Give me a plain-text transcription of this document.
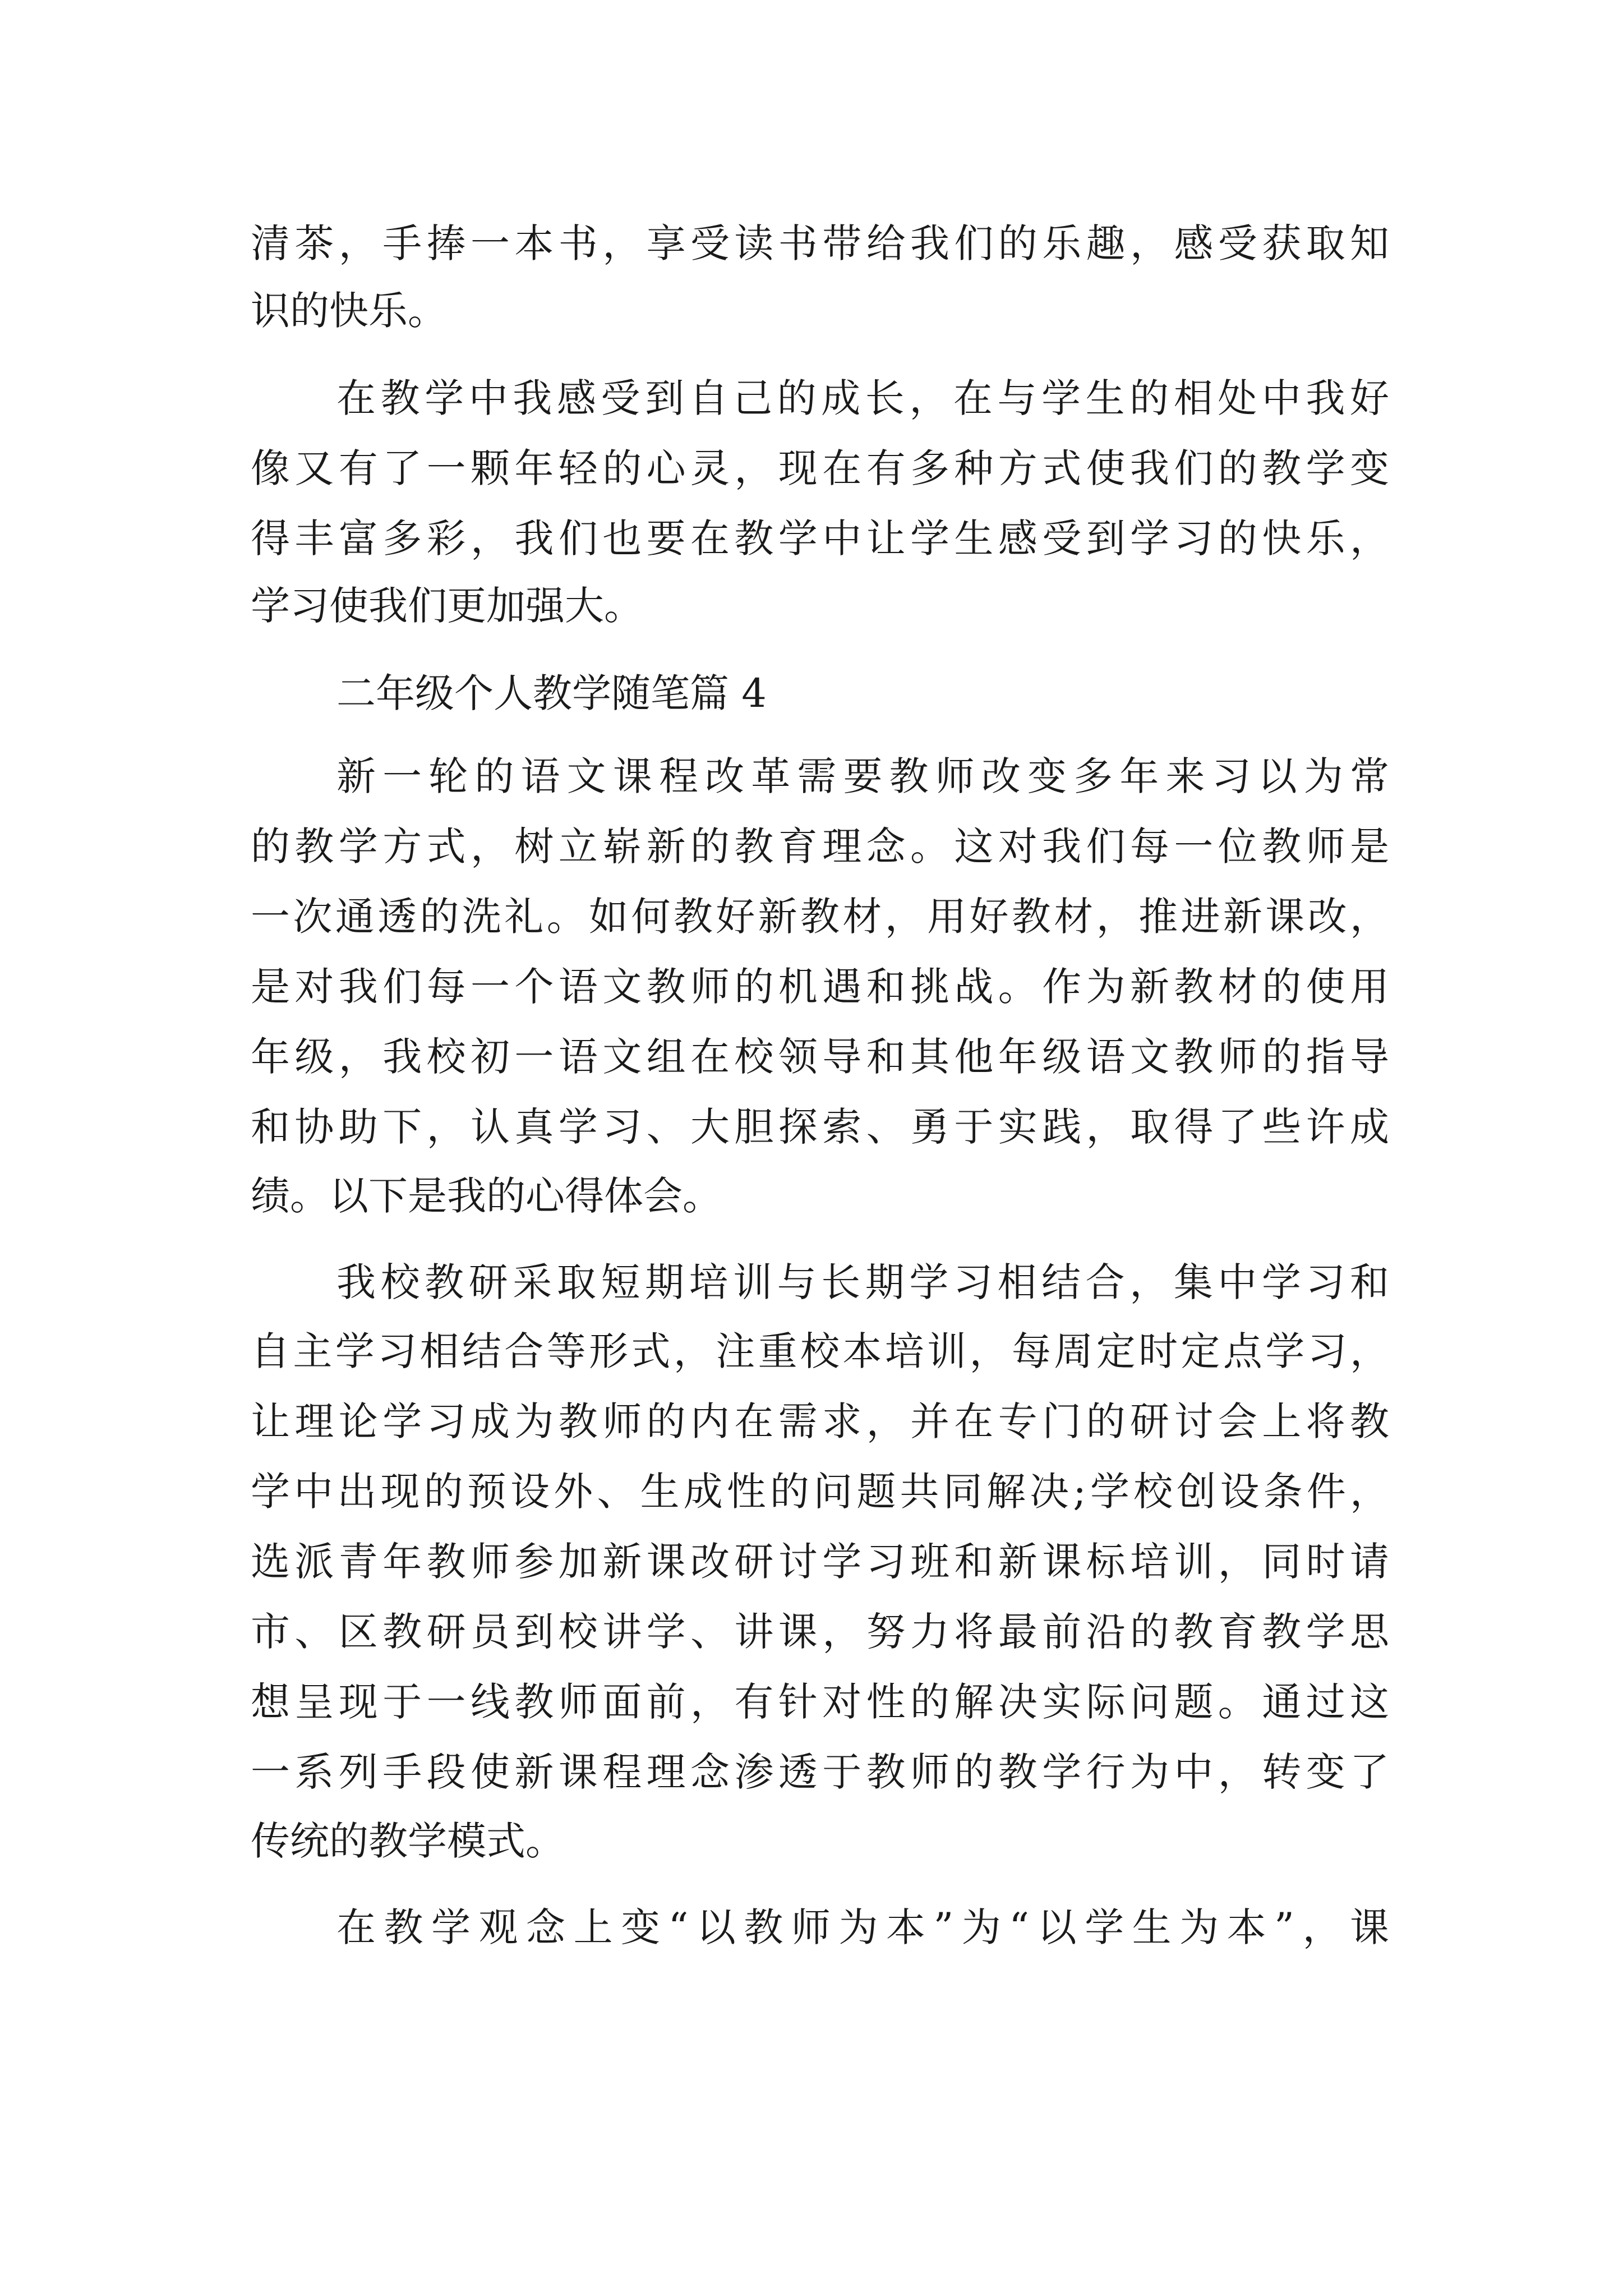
清茶，手捧一本书，享受读书带给我们的乐趣，感受获取知
识的快乐。
在教学中我感受到自己的成长，在与学生的相处中我好
像又有了一颗年轻的心灵，现在有多种方式使我们的教学变
得丰富多彩，我们也要在教学中让学生感受到学习的快乐，
学习使我们更加强大。
二年级个人教学随笔篇 4
新一轮的语文课程改革需要教师改变多年来习以为常
的教学方式，树立崭新的教育理念。这对我们每一位教师是
一次通透的洗礼。如何教好新教材，用好教材，推进新课改，
是对我们每一个语文教师的机遇和挑战。作为新教材的使用
年级，我校初一语文组在校领导和其他年级语文教师的指导
和协助下，认真学习、大胆探索、勇于实践，取得了些许成
绩。以下是我的心得体会。
我校教研采取短期培训与长期学习相结合，集中学习和
自主学习相结合等形式，注重校本培训，每周定时定点学习，
让理论学习成为教师的内在需求，并在专门的研讨会上将教
学中出现的预设外、生成性的问题共同解决;学校创设条件，
选派青年教师参加新课改研讨学习班和新课标培训，同时请
市、区教研员到校讲学、讲课，努力将最前沿的教育教学思
想呈现于一线教师面前，有针对性的解决实际问题。通过这
一系列手段使新课程理念渗透于教师的教学行为中，转变了
传统的教学模式。
在教学观念上变“以教师为本”为“以学生为本”，课
